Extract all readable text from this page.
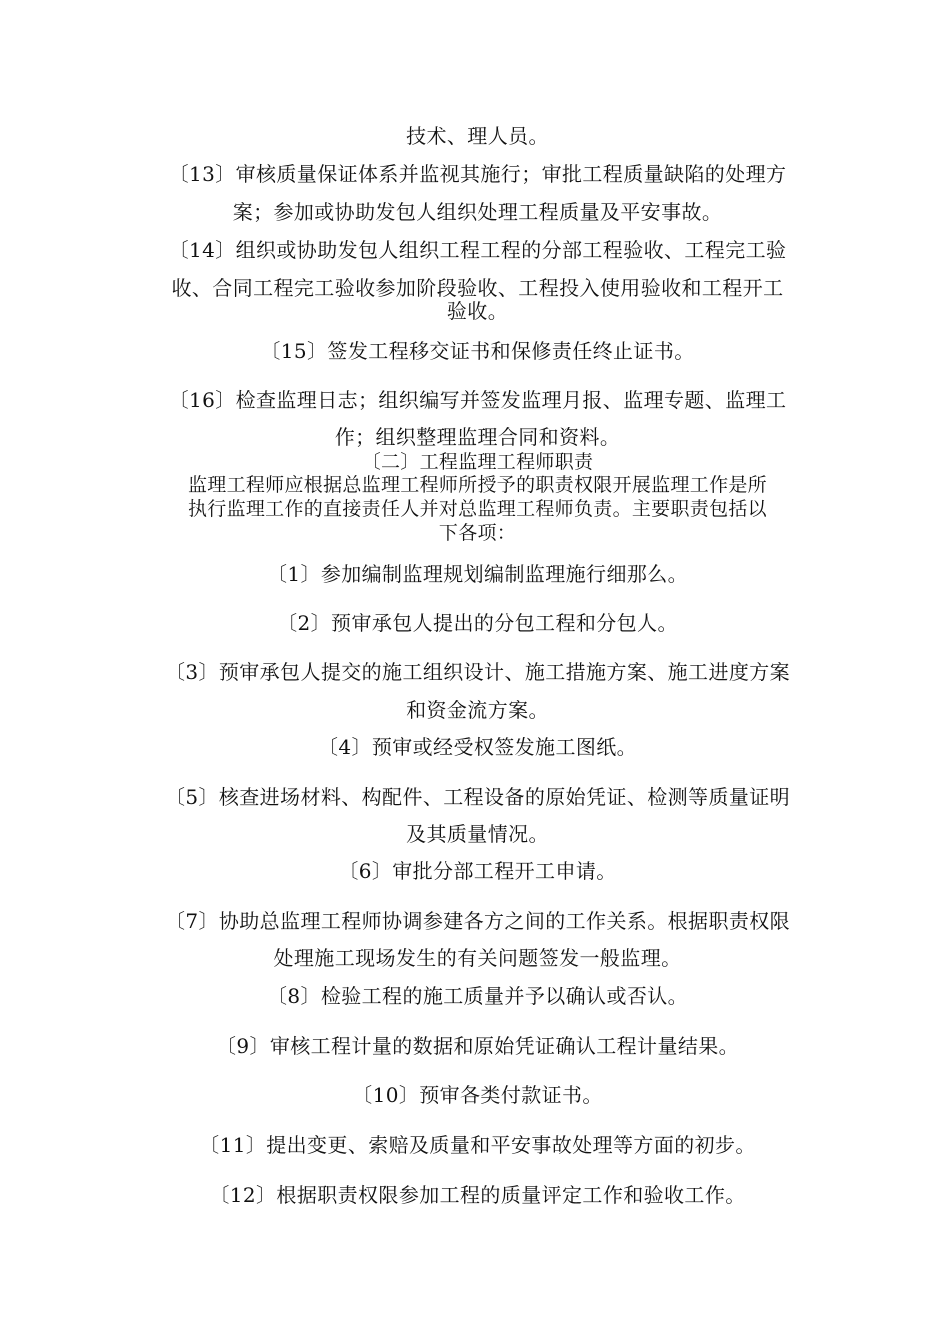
技术、理人员。
〔13〕审核质量保证体系并监视其施行；审批工程质量缺陷的处理方
案；参加或协助发包人组织处理工程质量及平安事故。
〔14〕组织或协助发包人组织工程工程的分部工程验收、工程完工验
收、合同工程完工验收参加阶段验收、工程投入使用验收和工程开工
验收。
〔15〕签发工程移交证书和保修责任终止证书。
〔16〕检查监理日志；组织编写并签发监理月报、监理专题、监理工
作；组织整理监理合同和资料。
〔二〕工程监理工程师职责
监理工程师应根据总监理工程师所授予的职责权限开展监理工作是所
执行监理工作的直接责任人并对总监理工程师负责。主要职责包括以
下各项：
〔1〕参加编制监理规划编制监理施行细那么。
〔2〕预审承包人提出的分包工程和分包人。
〔3〕预审承包人提交的施工组织设计、施工措施方案、施工进度方案
和资金流方案。
〔4〕预审或经受权签发施工图纸。
〔5〕核查进场材料、构配件、工程设备的原始凭证、检测等质量证明
及其质量情况。
〔6〕审批分部工程开工申请。
〔7〕协助总监理工程师协调参建各方之间的工作关系。根据职责权限
处理施工现场发生的有关问题签发一般监理。
〔8〕检验工程的施工质量并予以确认或否认。
〔9〕审核工程计量的数据和原始凭证确认工程计量结果。
〔10〕预审各类付款证书。
〔11〕提出变更、索赔及质量和平安事故处理等方面的初步。
〔12〕根据职责权限参加工程的质量评定工作和验收工作。
